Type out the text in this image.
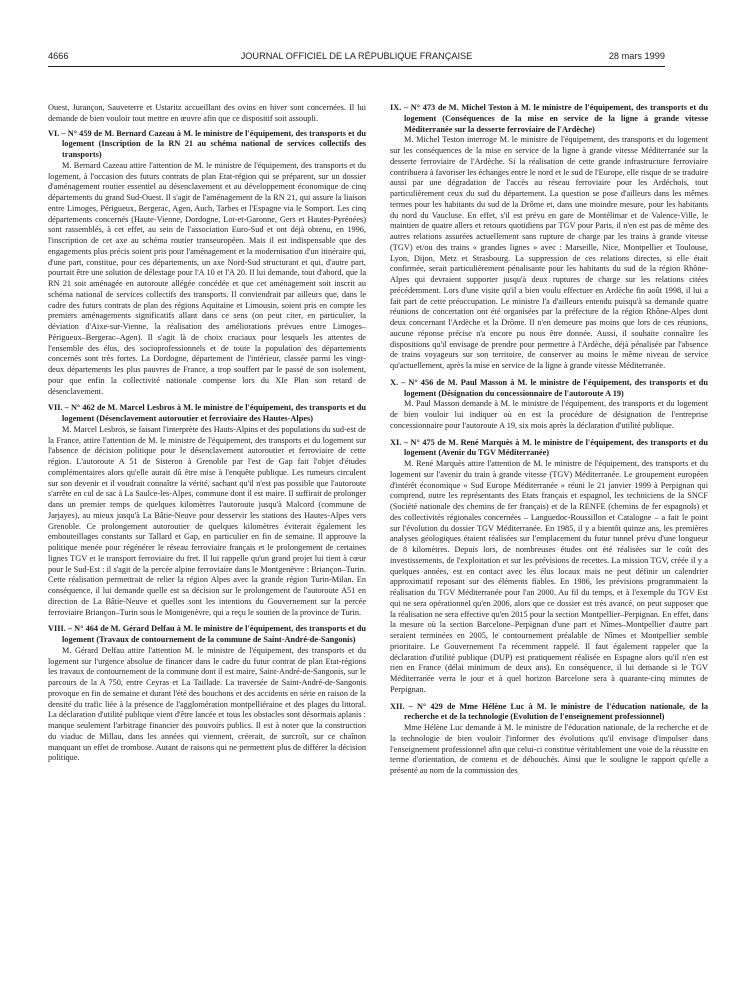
4666	JOURNAL OFFICIEL DE LA RÉPUBLIQUE FRANÇAISE	28 mars 1999

Ouest, Jurançon, Sauveterre et Ustaritz accueillant des ovins en hiver sont concernées. Il lui demande de bien vouloir tout mettre en œuvre afin que ce dispositif soit assoupli.

VI. – N° 459 de M. Bernard Cazeau à M. le ministre de l'équipement, des transports et du logement (Inscription de la RN 21 au schéma national de services collectifs des transports)

M. Bernard Cazeau attire l'attention de M. le ministre de l'équipement, des transports et du logement, à l'occasion des futurs contrats de plan Etat-région qui se préparent, sur un dossier d'aménagement routier essentiel au désenclavement et au développement économique de cinq départements du grand Sud-Ouest. Il s'agit de l'aménagement de la RN 21, qui assure la liaison entre Limoges, Périgueux, Bergerac, Agen, Auch, Tarbes et l'Espagne via le Somport. Les cinq départements concernés (Haute-Vienne, Dordogne, Lot-et-Garonne, Gers et Hautes-Pyrénées) sont rassemblés, à cet effet, au sein de l'association Euro-Sud et ont déjà obtenu, en 1996, l'inscription de cet axe au schéma routier transeuropéen. Mais il est indispensable que des engagements plus précis soient pris pour l'aménagement et la modernisation d'un itinéraire qui, d'une part, constitue, pour ces départements, un axe Nord-Sud structurant et qui, d'autre part, pourrait être une solution de délestage pour l'A 10 et l'A 20. Il lui demande, tout d'abord, que la RN 21 soit aménagée en autoroute allégée concédée et que cet aménagement soit inscrit au schéma national de services collectifs des transports. Il conviendrait par ailleurs que, dans le cadre des futurs contrats de plan des régions Aquitaine et Limousin, soient pris en compte les premiers aménagements significatifs allant dans ce sens (on peut citer, en particulier, la déviation d'Aixe-sur-Vienne, la réalisation des améliorations prévues entre Limoges–Périgueux–Bergerac–Agen). Il s'agit là de choix cruciaux pour lesquels les attentes de l'ensemble des élus, des socioprofessionnels et de toute la population des départements concernés sont très fortes. La Dordogne, département de l'intérieur, classée parmi les vingt-deux départements les plus pauvres de France, a trop souffert par le passé de son isolement, pour que enfin la collectivité nationale compense lors du XIe Plan son retard de désenclavement.

VII. – N° 462 de M. Marcel Lesbros à M. le ministre de l'équipement, des transports et du logement (Désenclavement autoroutier et ferroviaire des Hautes-Alpes)

M. Marcel Lesbros, se faisant l'interprète des Hauts-Alpins et des populations du sud-est de la France, attire l'attention de M. le ministre de l'équipement, des transports et du logement sur l'absence de décision politique pour le désenclavement autoroutier et ferroviaire de cette région. L'autoroute A 51 de Sisteron à Grenoble par l'est de Gap fait l'objet d'études complémentaires alors qu'elle aurait dû être mise à l'enquête publique. Les rumeurs circulent sur son devenir et il voudrait connaître la vérité, sachant qu'il n'est pas possible que l'autoroute s'arrête en cul de sac à La Saulce-les-Alpes, commune dont il est maire. Il suffirait de prolonger dans un premier temps de quelques kilomètres l'autoroute jusqu'à Malcord (commune de Jarjayes), au mieux jusqu'à La Bâtie-Neuve pour desservir les stations des Hautes-Alpes vers Grenoble. Ce prolongement autoroutier de quelques kilomètres éviterait également les embouteillages constants sur Tallard et Gap, en particulier en fin de semaine. Il approuve la politique menée pour régénérer le réseau ferroviaire français et le prolongement de certaines lignes TGV et le transport ferroviaire du fret. Il lui rappelle qu'un grand projet lui tient à cœur pour le Sud-Est : il s'agit de la percée alpine ferroviaire dans le Montgenèvre : Briançon–Turin. Cette réalisation permettrait de relier la région Alpes avec la grande région Turin-Milan. En conséquence, il lui demande quelle est sa décision sur le prolongement de l'autoroute A51 en direction de La Bâtie-Neuve et quelles sont les intentions du Gouvernement sur la percée ferroviaire Briançon–Turin sous le Montgenèvre, qui a reçu le soutien de la province de Turin.

VIII. – N° 464 de M. Gérard Delfau à M. le ministre de l'équipement, des transports et du logement (Travaux de contournement de la commune de Saint-André-de-Sangonis)

M. Gérard Delfau attire l'attention M. le ministre de l'équipement, des transports et du logement sur l'urgence absolue de financer dans le cadre du futur contrat de plan Etat-régions les travaux de contournement de la commune dont il est maire, Saint-André-de-Sangonis, sur le parcours de la A 750, entre Ceyras et La Taillade. La traversée de Saint-André-de-Sangonis provoque en fin de semaine et durant l'été des bouchons et des accidents en série en raison de la densité du trafic liée à la présence de l'agglomération montpelliéraine et des plages du littoral. La déclaration d'utilité publique vient d'être lancée et tous les obstacles sont désormais aplanis : manque seulement l'arbitrage financier des pouvoirs publics. Il est à noter que la construction du viaduc de Millau, dans les années qui viennent, créerait, de surcroît, sur ce chaînon manquant un effet de trombose. Autant de raisons qui ne permettent plus de différer la décision politique.

IX. – N° 473 de M. Michel Teston à M. le ministre de l'équipement, des transports et du logement (Conséquences de la mise en service de la ligne à grande vitesse Méditerranée sur la desserte ferroviaire de l'Ardèche)

M. Michel Teston interroge M. le ministre de l'équipement, des transports et du logement sur les conséquences de la mise en service de la ligne à grande vitesse Méditerranée sur la desserte ferroviaire de l'Ardèche. Si la réalisation de cette grande infrastructure ferroviaire contribuera à favoriser les échanges entre le nord et le sud de l'Europe, elle risque de se traduire aussi par une dégradation de l'accès au réseau ferroviaire pour les Ardéchois, tout particulièrement ceux du sud du département. La question se pose d'ailleurs dans les mêmes termes pour les habitants du sud de la Drôme et, dans une moindre mesure, pour les habitants du nord du Vaucluse. En effet, s'il est prévu en gare de Montélimar et de Valence-Ville, le maintien de quatre allers et retours quotidiens par TGV pour Paris, il n'en est pas de même des autres relations assurées actuellement sans rupture de charge par les trains à grande vitesse (TGV) et/ou des trains « grandes lignes » avec : Marseille, Nice, Montpellier et Toulouse, Lyon, Dijon, Metz et Strasbourg. La suppression de ces relations directes, si elle était confirmée, serait particulièrement pénalisante pour les habitants du sud de la région Rhône-Alpes qui devraient supporter jusqu'à deux ruptures de charge sur les relations citées précédemment. Lors d'une visite qu'il a bien voulu effectuer en Ardèche fin août 1998, il lui a fait part de cette préoccupation. Le ministre l'a d'ailleurs entendu puisqu'à sa demande quatre réunions de concertation ont été organisées par la préfecture de la région Rhône-Alpes dont deux concernant l'Ardèche et la Drôme. Il n'en demeure pas moins que lors de ces réunions, aucune réponse précise n'a encore pu nous être donnée. Aussi, il souhaite connaître les dispositions qu'il envisage de prendre pour permettre à l'Ardèche, déjà pénalisée par l'absence de trains voyageurs sur son territoire, de conserver au moins le même niveau de service qu'actuellement, après la mise en service de la ligne à grande vitesse Méditerranée.

X. – N° 456 de M. Paul Masson à M. le ministre de l'équipement, des transports et du logement (Désignation du concessionnaire de l'autoroute A 19)

M. Paul Masson demande à M. le ministre de l'équipement, des transports et du logement de bien vouloir lui indiquer où en est la procédure de désignation de l'entreprise concessionnaire pour l'autoroute A 19, six mois après la déclaration d'utilité publique.

XI. – N° 475 de M. René Marquès à M. le ministre de l'équipement, des transports et du logement (Avenir du TGV Méditerranée)

M. René Marquès attire l'attention de M. le ministre de l'équipement, des transports et du logement sur l'avenir du train à grande vitesse (TGV) Méditerranée. Le groupement européen d'intérêt économique « Sud Europe Méditerranée » réuni le 21 janvier 1999 à Perpignan qui comprend, outre les représentants des Etats français et espagnol, les techniciens de la SNCF (Société nationale des chemins de fer français) et de la RENFE (chemins de fer espagnols) et des collectivités régionales concernées – Languedoc-Roussillon et Catalogne – a fait le point sur l'évolution du dossier TGV Méditerranée. En 1985, il y a bientôt quinze ans, les premières analyses géologiques étaient réalisées sur l'emplacement du futur tunnel prévu d'une longueur de 8 kilomètres. Depuis lors, de nombreuses études ont été réalisées sur le coût des investissements, de l'exploitation et sur les prévisions de recettes. La mission TGV, créée il y a quelques années, est en contact avec les élus locaux mais ne peut définir un calendrier approximatif reposant sur des éléments fiables. En 1986, les prévisions programmaient la réalisation du TGV Méditerranée pour l'an 2000. Au fil du temps, et à l'exemple du TGV Est qui ne sera opérationnel qu'en 2006, alors que ce dossier est très avancé, on peut supposer que la réalisation ne sera effective qu'en 2015 pour la section Montpellier–Perpignan. En effet, dans la mesure où la section Barcelone–Perpignan d'une part et Nîmes–Montpellier d'autre part seraient terminées en 2005, le contournement préalable de Nîmes et Montpellier semble prioritaire. Le Gouvernement l'a récemment rappelé. Il faut également rappeler que la déclaration d'utilité publique (DUP) est pratiquement réalisée en Espagne alors qu'il n'en est rien en France (délai minimum de deux ans). En conséquence, il lui demande si le TGV Méditerranée verra le jour et à quel horizon Barcelone sera à quarante-cinq minutes de Perpignan.

XII. – N° 429 de Mme Hélène Luc à M. le ministre de l'éducation nationale, de la recherche et de la technologie (Evolution de l'enseignement professionnel)

Mme Hélène Luc demande à M. le ministre de l'éducation nationale, de la recherche et de la technologie de bien vouloir l'informer des évolutions qu'il envisage d'impulser dans l'enseignement professionnel afin que celui-ci constitue véritablement une voie de la réussite en terme d'orientation, de contenu et de débouchés. Ainsi que le souligne le rapport qu'elle a présenté au nom de la commission des
